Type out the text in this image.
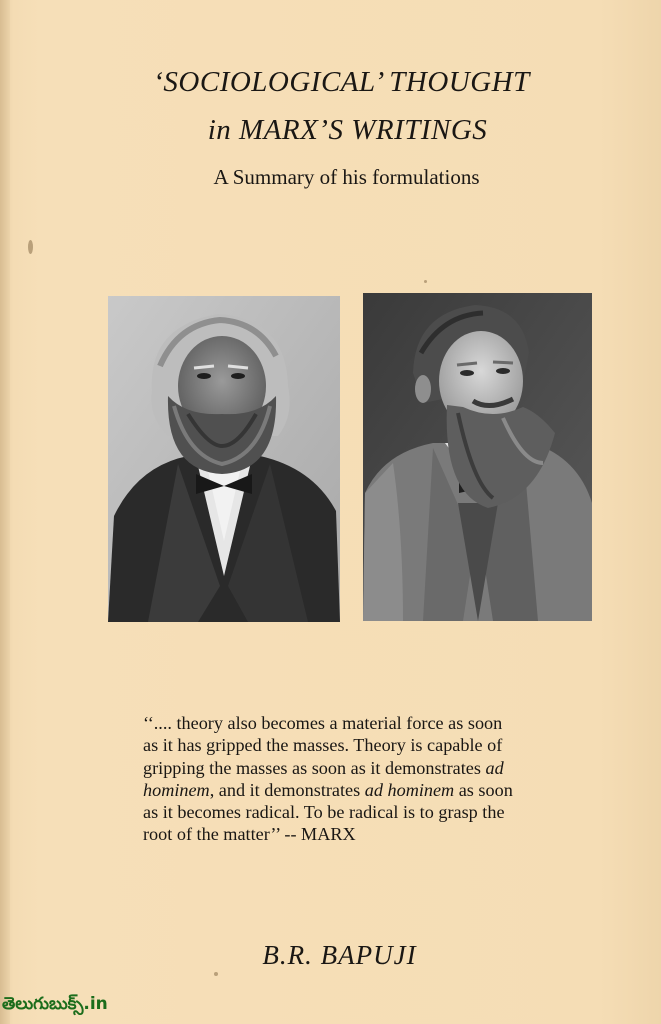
‘SOCIOLOGICAL’ THOUGHT
in MARX’S WRITINGS
A Summary of his formulations
‘‘.... theory also becomes a material force as soon
as it has gripped the masses. Theory is capable of
gripping the masses as soon as it demonstrates ad
hominem, and it demonstrates ad hominem as soon
as it becomes radical. To be radical is to grasp the
root of the matter’’ -- MARX
B.R. BAPUJI
తెలుగుబుక్స్.in
